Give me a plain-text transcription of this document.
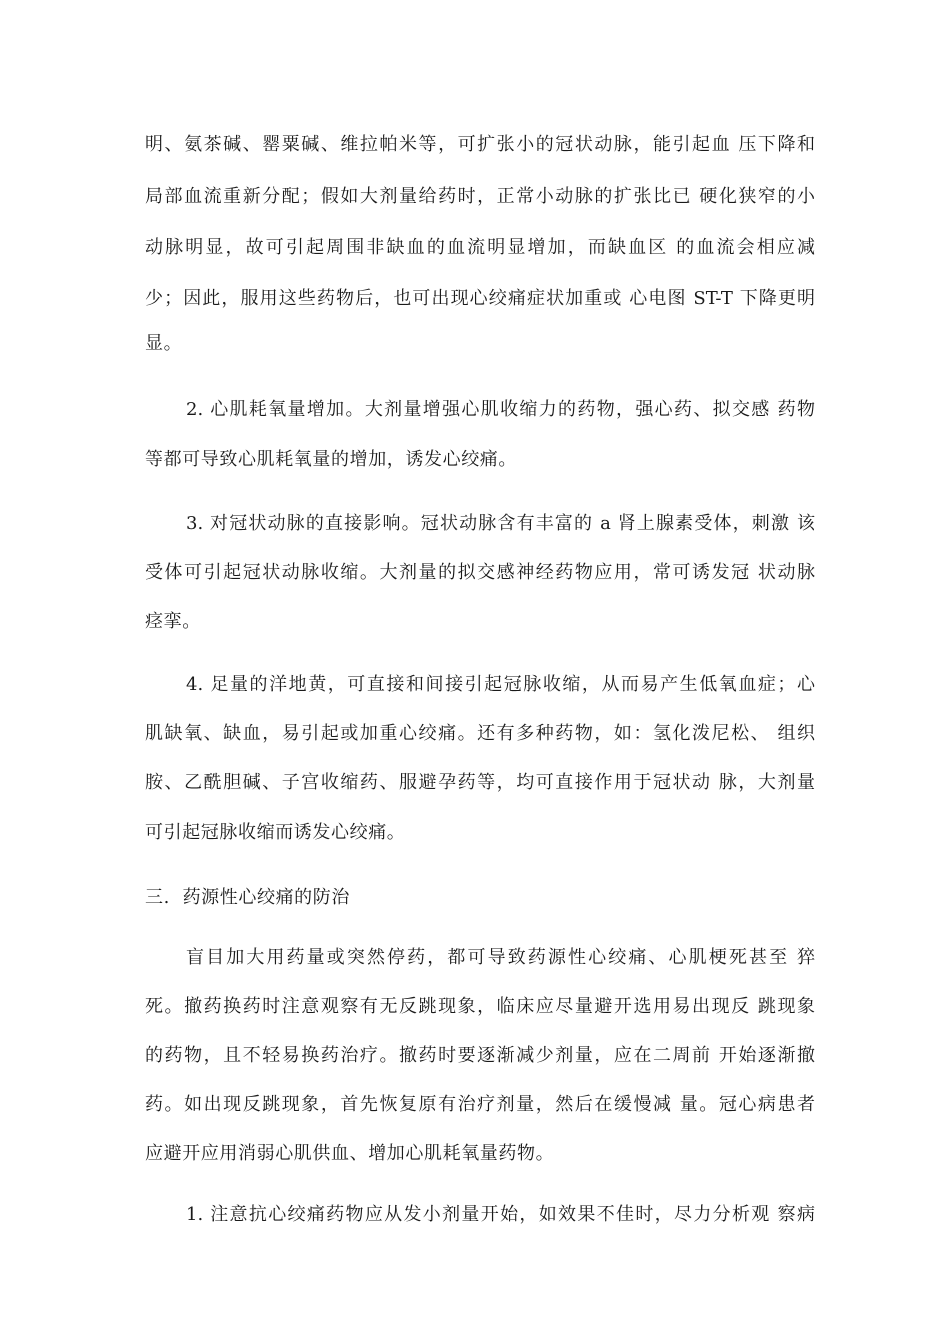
明、氨茶碱、罂粟碱、维拉帕米等，可扩张小的冠状动脉，能引起血 压下降和
局部血流重新分配；假如大剂量给药时，正常小动脉的扩张比已 硬化狭窄的小
动脉明显，故可引起周围非缺血的血流明显增加，而缺血区 的血流会相应减
少；因此，服用这些药物后，也可出现心绞痛症状加重或 心电图 ST-T 下降更明
显。
2. 心肌耗氧量增加。大剂量增强心肌收缩力的药物，强心药、拟交感 药物
等都可导致心肌耗氧量的增加，诱发心绞痛。
3. 对冠状动脉的直接影响。冠状动脉含有丰富的 a 肾上腺素受体，刺激 该
受体可引起冠状动脉收缩。大剂量的拟交感神经药物应用，常可诱发冠 状动脉
痉挛。
4. 足量的洋地黄，可直接和间接引起冠脉收缩，从而易产生低氧血症；心
肌缺氧、缺血，易引起或加重心绞痛。还有多种药物，如：氢化泼尼松、 组织
胺、乙酰胆碱、子宫收缩药、服避孕药等，均可直接作用于冠状动 脉，大剂量
可引起冠脉收缩而诱发心绞痛。
三.  药源性心绞痛的防治
盲目加大用药量或突然停药，都可导致药源性心绞痛、心肌梗死甚至 猝
死。撤药换药时注意观察有无反跳现象，临床应尽量避开选用易出现反 跳现象
的药物，且不轻易换药治疗。撤药时要逐渐减少剂量，应在二周前 开始逐渐撤
药。如出现反跳现象，首先恢复原有治疗剂量，然后在缓慢减 量。冠心病患者
应避开应用消弱心肌供血、增加心肌耗氧量药物。
1. 注意抗心绞痛药物应从发小剂量开始，如效果不佳时，尽力分析观 察病
